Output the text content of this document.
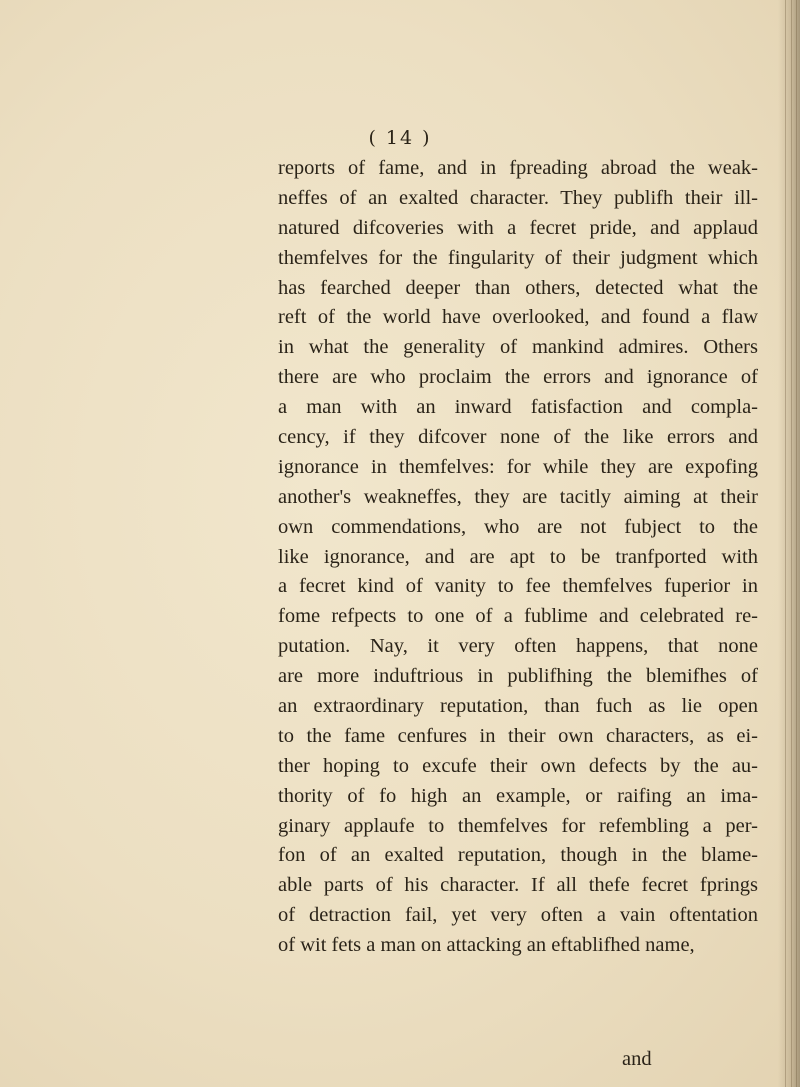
( 14 )
reports of fame, and in fpreading abroad the weak-
neffes of an exalted character. They publifh their ill-
natured difcoveries with a fecret pride, and applaud
themfelves for the fingularity of their judgment which
has fearched deeper than others, detected what the
reft of the world have overlooked, and found a flaw
in what the generality of mankind admires. Others
there are who proclaim the errors and ignorance of
a man with an inward fatisfaction and compla-
cency, if they difcover none of the like errors and
ignorance in themfelves: for while they are expofing
another's weakneffes, they are tacitly aiming at their
own commendations, who are not fubject to the
like ignorance, and are apt to be tranfported with
a fecret kind of vanity to fee themfelves fuperior in
fome refpects to one of a fublime and celebrated re-
putation. Nay, it very often happens, that none
are more induftrious in publifhing the blemifhes of
an extraordinary reputation, than fuch as lie open
to the fame cenfures in their own characters, as ei-
ther hoping to excufe their own defects by the au-
thority of fo high an example, or raifing an ima-
ginary applaufe to themfelves for refembling a per-
fon of an exalted reputation, though in the blame-
able parts of his character. If all thefe fecret fprings
of detraction fail, yet very often a vain oftentation
of wit fets a man on attacking an eftablifhed name,
and
